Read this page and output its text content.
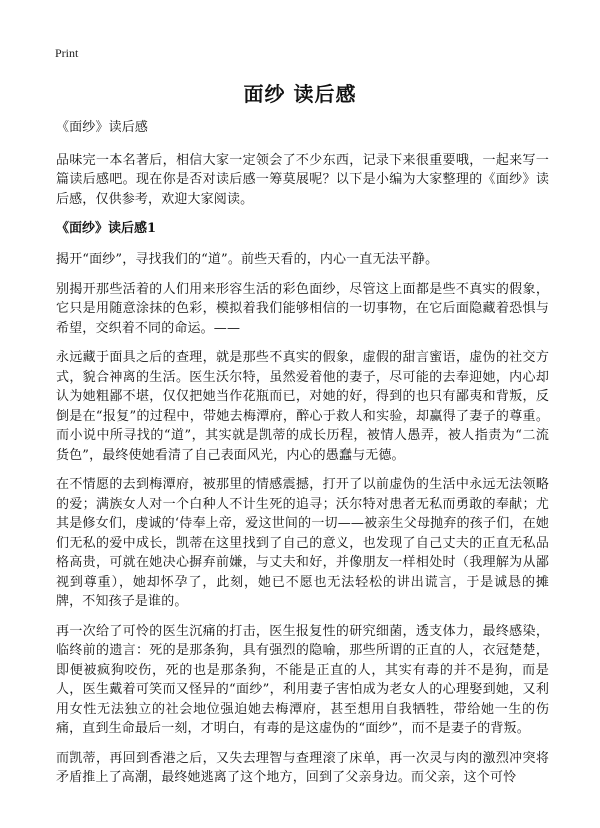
Print
面纱 读后感

《面纱》读后感

品味完一本名著后，相信大家一定领会了不少东西，记录下来很重要哦，一起来写一篇读后感吧。现在你是否对读后感一筹莫展呢？以下是小编为大家整理的《面纱》读后感，仅供参考，欢迎大家阅读。

《面纱》读后感1

揭开“面纱”，寻找我们的“道”。前些天看的，内心一直无法平静。

别揭开那些活着的人们用来形容生活的彩色面纱，尽管这上面都是些不真实的假象，它只是用随意涂抹的色彩，模拟着我们能够相信的一切事物，在它后面隐藏着恐惧与希望，交织着不同的命运。——

永远藏于面具之后的查理，就是那些不真实的假象，虚假的甜言蜜语，虚伪的社交方式，貌合神离的生活。医生沃尔特，虽然爱着他的妻子，尽可能的去奉迎她，内心却认为她粗鄙不堪，仅仅把她当作花瓶而已，对她的好，得到的也只有鄙夷和背叛，反倒是在“报复”的过程中，带她去梅潭府，醉心于救人和实验，却赢得了妻子的尊重。而小说中所寻找的“道”，其实就是凯蒂的成长历程，被情人愚弄，被人指责为“二流货色”，最终使她看清了自己表面风光，内心的愚蠢与无德。

在不情愿的去到梅潭府，被那里的情感震撼，打开了以前虚伪的生活中永远无法领略的爱；满族女人对一个白种人不计生死的追寻；沃尔特对患者无私而勇敢的奉献；尤其是修女们，虔诚的‘侍奉上帝，爱这世间的一切——被亲生父母抛弃的孩子们，在她们无私的爱中成长，凯蒂在这里找到了自己的意义，也发现了自己丈夫的正直无私品格高贵，可就在她决心摒弃前嫌，与丈夫和好，并像朋友一样相处时（我理解为从鄙视到尊重），她却怀孕了，此刻，她已不愿也无法轻松的讲出谎言，于是诚恳的摊牌，不知孩子是谁的。

再一次给了可怜的医生沉痛的打击，医生报复性的研究细菌，透支体力，最终感染，临终前的遗言：死的是那条狗，具有强烈的隐喻，那些所谓的正直的人，衣冠楚楚，即便被疯狗咬伤，死的也是那条狗，不能是正直的人，其实有毒的并不是狗，而是人，医生戴着可笑而又怪异的“面纱”，利用妻子害怕成为老女人的心理娶到她，又利用女性无法独立的社会地位强迫她去梅潭府，甚至想用自我牺牲，带给她一生的伤痛，直到生命最后一刻，才明白，有毒的是这虚伪的“面纱”，而不是妻子的背叛。

而凯蒂，再回到香港之后，又失去理智与查理滚了床单，再一次灵与肉的激烈冲突将矛盾推上了高潮，最终她逃离了这个地方，回到了父亲身边。而父亲，这个可怜
